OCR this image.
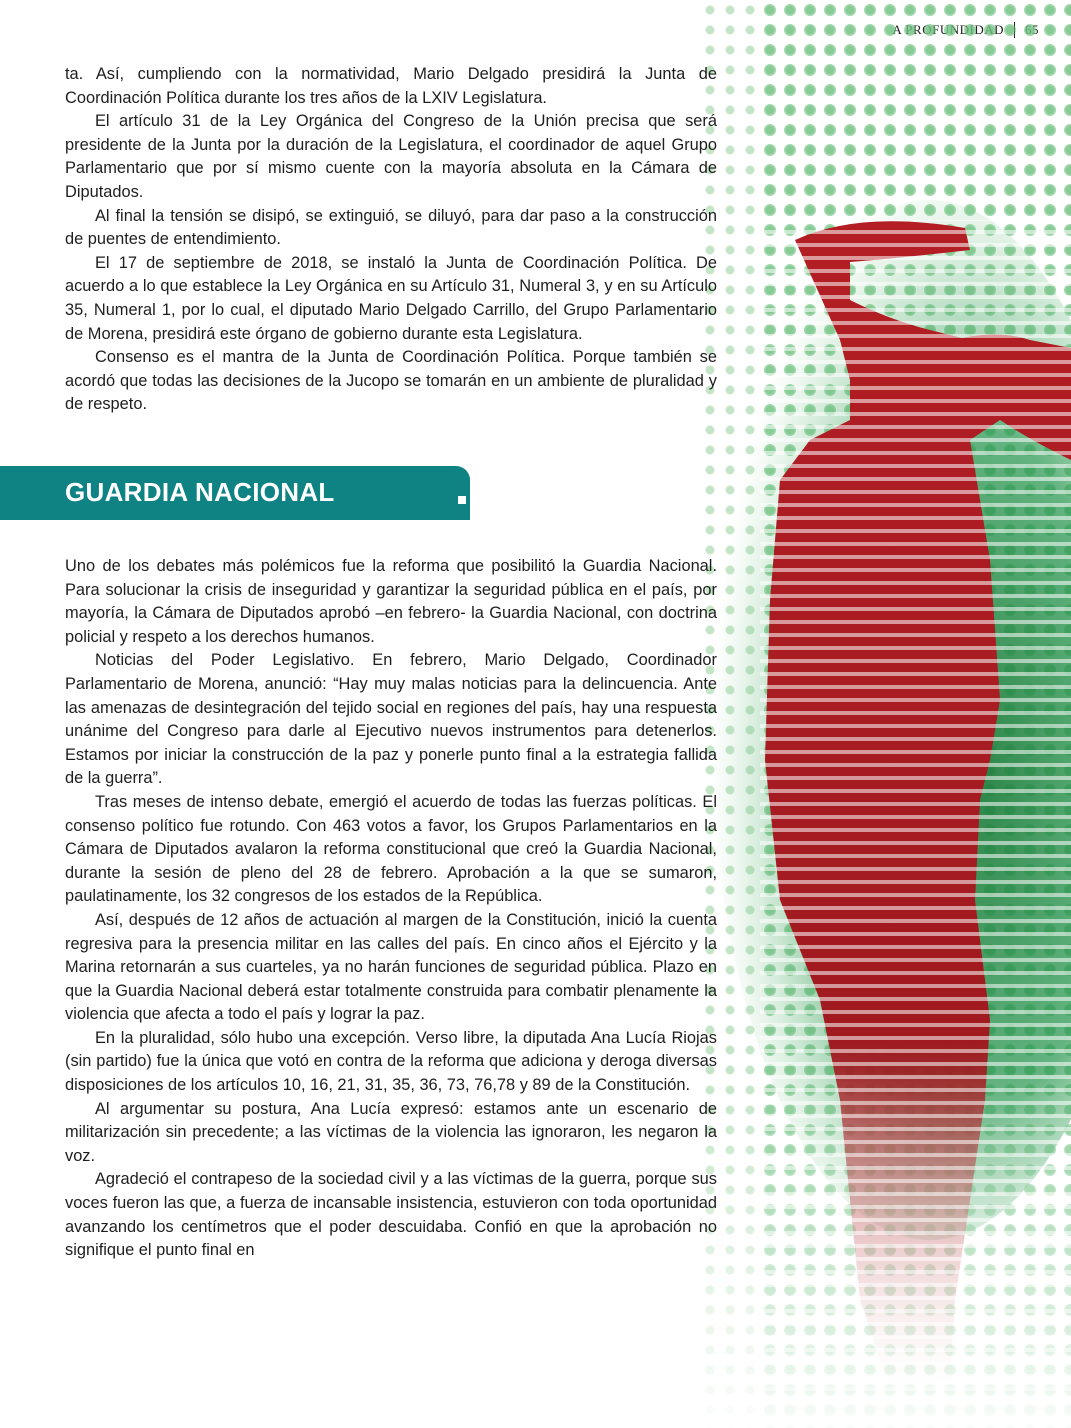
ta. Así, cumpliendo con la normatividad, Mario Delgado presidirá la Junta de Coordinación Política durante los tres años de la LXIV Legislatura.

El artículo 31 de la Ley Orgánica del Congreso de la Unión precisa que será presidente de la Junta por la duración de la Legislatura, el coordinador de aquel Grupo Parlamentario que por sí mismo cuente con la mayoría absoluta en la Cámara de Diputados.

Al final la tensión se disipó, se extinguió, se diluyó, para dar paso a la construcción de puentes de entendimiento.

El 17 de septiembre de 2018, se instaló la Junta de Coordinación Política. De acuerdo a lo que establece la Ley Orgánica en su Artículo 31, Numeral 3, y en su Artículo 35, Numeral 1, por lo cual, el diputado Mario Delgado Carrillo, del Grupo Parlamentario de Morena, presidirá este órgano de gobierno durante esta Legislatura.

Consenso es el mantra de la Junta de Coordinación Política. Porque también se acordó que todas las decisiones de la Jucopo se tomarán en un ambiente de pluralidad y de respeto.

GUARDIA NACIONAL

Uno de los debates más polémicos fue la reforma que posibilitó la Guardia Nacional. Para solucionar la crisis de inseguridad y garantizar la seguridad pública en el país, por mayoría, la Cámara de Diputados aprobó –en febrero- la Guardia Nacional, con doctrina policial y respeto a los derechos humanos.

Noticias del Poder Legislativo. En febrero, Mario Delgado, Coordinador Parlamentario de Morena, anunció: “Hay muy malas noticias para la delincuencia. Ante las amenazas de desintegración del tejido social en regiones del país, hay una respuesta unánime del Congreso para darle al Ejecutivo nuevos instrumentos para detenerlos. Estamos por iniciar la construcción de la paz y ponerle punto final a la estrategia fallida de la guerra”.

Tras meses de intenso debate, emergió el acuerdo de todas las fuerzas políticas. El consenso político fue rotundo. Con 463 votos a favor, los Grupos Parlamentarios en la Cámara de Diputados avalaron la reforma constitucional que creó la Guardia Nacional, durante la sesión de pleno del 28 de febrero. Aprobación a la que se sumaron, paulatinamente, los 32 congresos de los estados de la República.

Así, después de 12 años de actuación al margen de la Constitución, inició la cuenta regresiva para la presencia militar en las calles del país. En cinco años el Ejército y la Marina retornarán a sus cuarteles, ya no harán funciones de seguridad pública. Plazo en que la Guardia Nacional deberá estar totalmente construida para combatir plenamente la violencia que afecta a todo el país y lograr la paz.

En la pluralidad, sólo hubo una excepción. Verso libre, la diputada Ana Lucía Riojas (sin partido) fue la única que votó en contra de la reforma que adiciona y deroga diversas disposiciones de los artículos 10, 16, 21, 31, 35, 36, 73, 76,78 y 89 de la Constitución.

Al argumentar su postura, Ana Lucía expresó: estamos ante un escenario de militarización sin precedente; a las víctimas de la violencia las ignoraron, les negaron la voz.

Agradeció el contrapeso de la sociedad civil y a las víctimas de la guerra, porque sus voces fueron las que, a fuerza de incansable insistencia, estuvieron con toda oportunidad avanzando los centímetros que el poder descuidaba. Confió en que la aprobación no signifique el punto final en
